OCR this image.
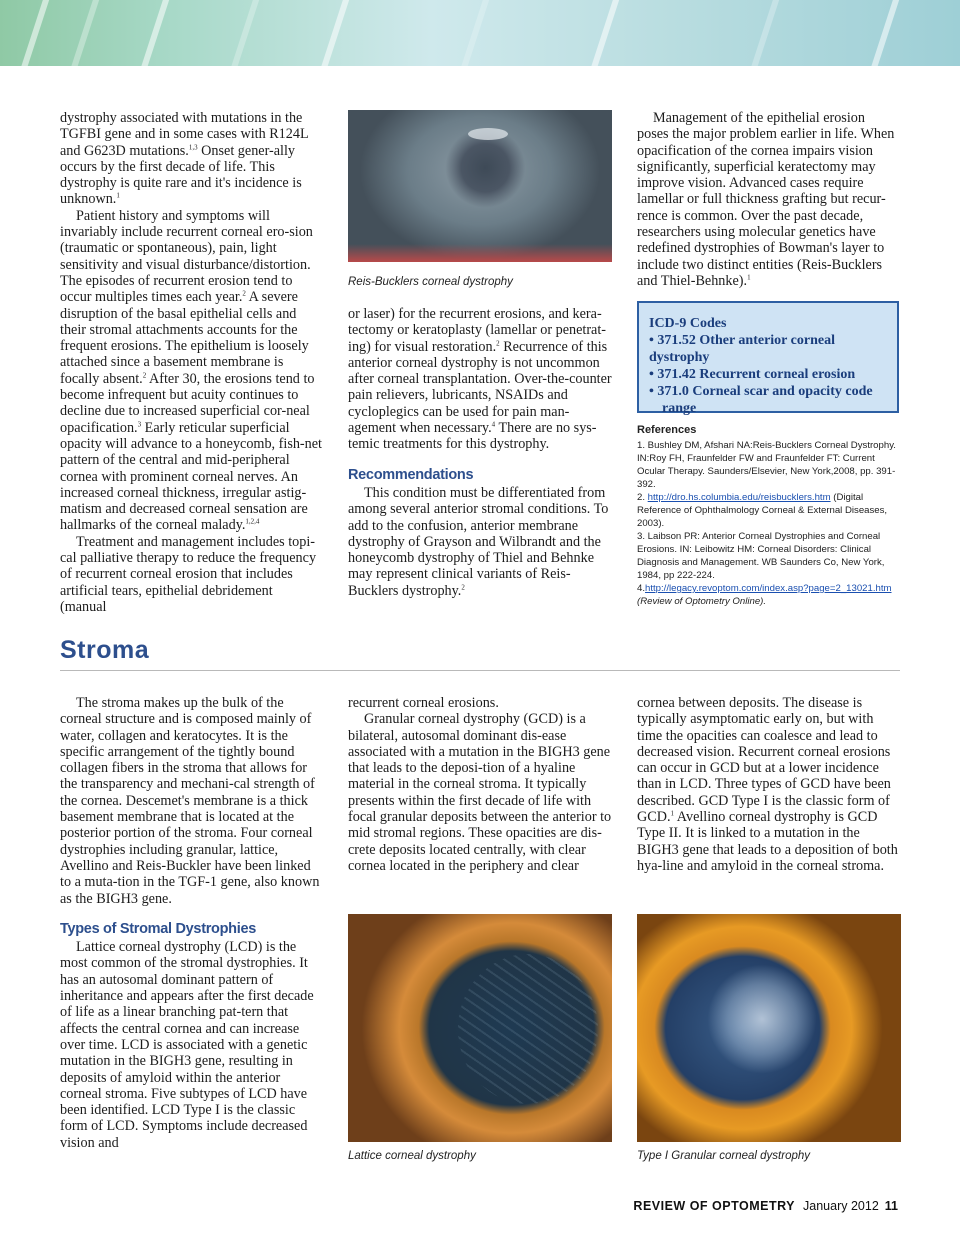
dystrophy associated with mutations in the TGFBI gene and in some cases with R124L and G623D mutations.$^{1,3}$ Onset gener-ally occurs by the first decade of life. This dystrophy is quite rare and it's incidence is unknown.$^1$

Patient history and symptoms will invariably include recurrent corneal ero-sion (traumatic or spontaneous), pain, light sensitivity and visual disturbance/distortion. The episodes of recurrent erosion tend to occur multiples times each year.$^2$ A severe disruption of the basal epithelial cells and their stromal attachments accounts for the frequent erosions. The epithelium is loosely attached since a basement membrane is focally absent.$^2$ After 30, the erosions tend to become infrequent but acuity continues to decline due to increased superficial cor-neal opacification.$^3$ Early reticular superficial opacity will advance to a honeycomb, fish-net pattern of the central and mid-peripheral cornea with prominent corneal nerves. An increased corneal thickness, irregular astig-matism and decreased corneal sensation are hallmarks of the corneal malady.$^{1,2,4}$

Treatment and management includes topi-cal palliative therapy to reduce the frequency of recurrent corneal erosion that includes artificial tears, epithelial debridement (manual

Reis-Bucklers corneal dystrophy

or laser) for the recurrent erosions, and kera-tectomy or keratoplasty (lamellar or penetrat-ing) for visual restoration.$^2$ Recurrence of this anterior corneal dystrophy is not uncommon after corneal transplantation. Over-the-counter pain relievers, lubricants, NSAIDs and cycloplegics can be used for pain man-agement when necessary.$^4$ There are no sys-temic treatments for this dystrophy.

Recommendations

This condition must be differentiated from among several anterior stromal conditions. To add to the confusion, anterior membrane dystrophy of Grayson and Wilbrandt and the honeycomb dystrophy of Thiel and Behnke may represent clinical variants of Reis-Bucklers dystrophy.$^2$

Management of the epithelial erosion poses the major problem earlier in life. When opacification of the cornea impairs vision significantly, superficial keratectomy may improve vision. Advanced cases require lamellar or full thickness grafting but recur-rence is common. Over the past decade, researchers using molecular genetics have redefined dystrophies of Bowman's layer to include two distinct entities (Reis-Bucklers and Thiel-Behnke).$^1$

ICD-9 Codes
• 371.52 Other anterior corneal dystrophy
• 371.42 Recurrent corneal erosion
• 371.0 Corneal scar and opacity code
range
References
1. Bushley DM, Afshari NA:Reis-Bucklers Corneal Dystrophy. IN:Roy FH, Fraunfelder FW and Fraunfelder FT: Current Ocular Therapy. Saunders/Elsevier, New York,2008, pp. 391-392.
2. http://dro.hs.columbia.edu/reisbucklers.htm (Digital Reference of Ophthalmology Corneal & External Diseases, 2003).
3. Laibson PR: Anterior Corneal Dystrophies and Corneal Erosions. IN: Leibowitz HM: Corneal Disorders: Clinical Diagnosis and Management. WB Saunders Co, New York, 1984, pp 222-224.
4.http://legacy.revoptom.com/index.asp?page=2_13021.htm
(Review of Optometry Online).
Stroma

The stroma makes up the bulk of the corneal structure and is composed mainly of water, collagen and keratocytes. It is the specific arrangement of the tightly bound collagen fibers in the stroma that allows for the transparency and mechani-cal strength of the cornea. Descemet's membrane is a thick basement membrane that is located at the posterior portion of the stroma. Four corneal dystrophies including granular, lattice, Avellino and Reis-Buckler have been linked to a muta-tion in the TGF-1 gene, also known as the BIGH3 gene.

Types of Stromal Dystrophies

Lattice corneal dystrophy (LCD) is the most common of the stromal dystrophies. It has an autosomal dominant pattern of inheritance and appears after the first decade of life as a linear branching pat-tern that affects the central cornea and can increase over time. LCD is associated with a genetic mutation in the BIGH3 gene, resulting in deposits of amyloid within the anterior corneal stroma. Five subtypes of LCD have been identified. LCD Type I is the classic form of LCD. Symptoms include decreased vision and

recurrent corneal erosions.

Granular corneal dystrophy (GCD) is a bilateral, autosomal dominant dis-ease associated with a mutation in the BIGH3 gene that leads to the deposi-tion of a hyaline material in the corneal stroma. It typically presents within the first decade of life with focal granular deposits between the anterior to mid stromal regions. These opacities are dis-crete deposits located centrally, with clear cornea located in the periphery and clear

cornea between deposits. The disease is typically asymptomatic early on, but with time the opacities can coalesce and lead to decreased vision. Recurrent corneal erosions can occur in GCD but at a lower incidence than in LCD. Three types of GCD have been described. GCD Type I is the classic form of GCD.$^1$ Avellino corneal dystrophy is GCD Type II. It is linked to a mutation in the BIGH3 gene that leads to a deposition of both hya-line and amyloid in the corneal stroma.

Lattice corneal dystrophy	Type I Granular corneal dystrophy
REVIEW OF OPTOMETRY January 2012 11
